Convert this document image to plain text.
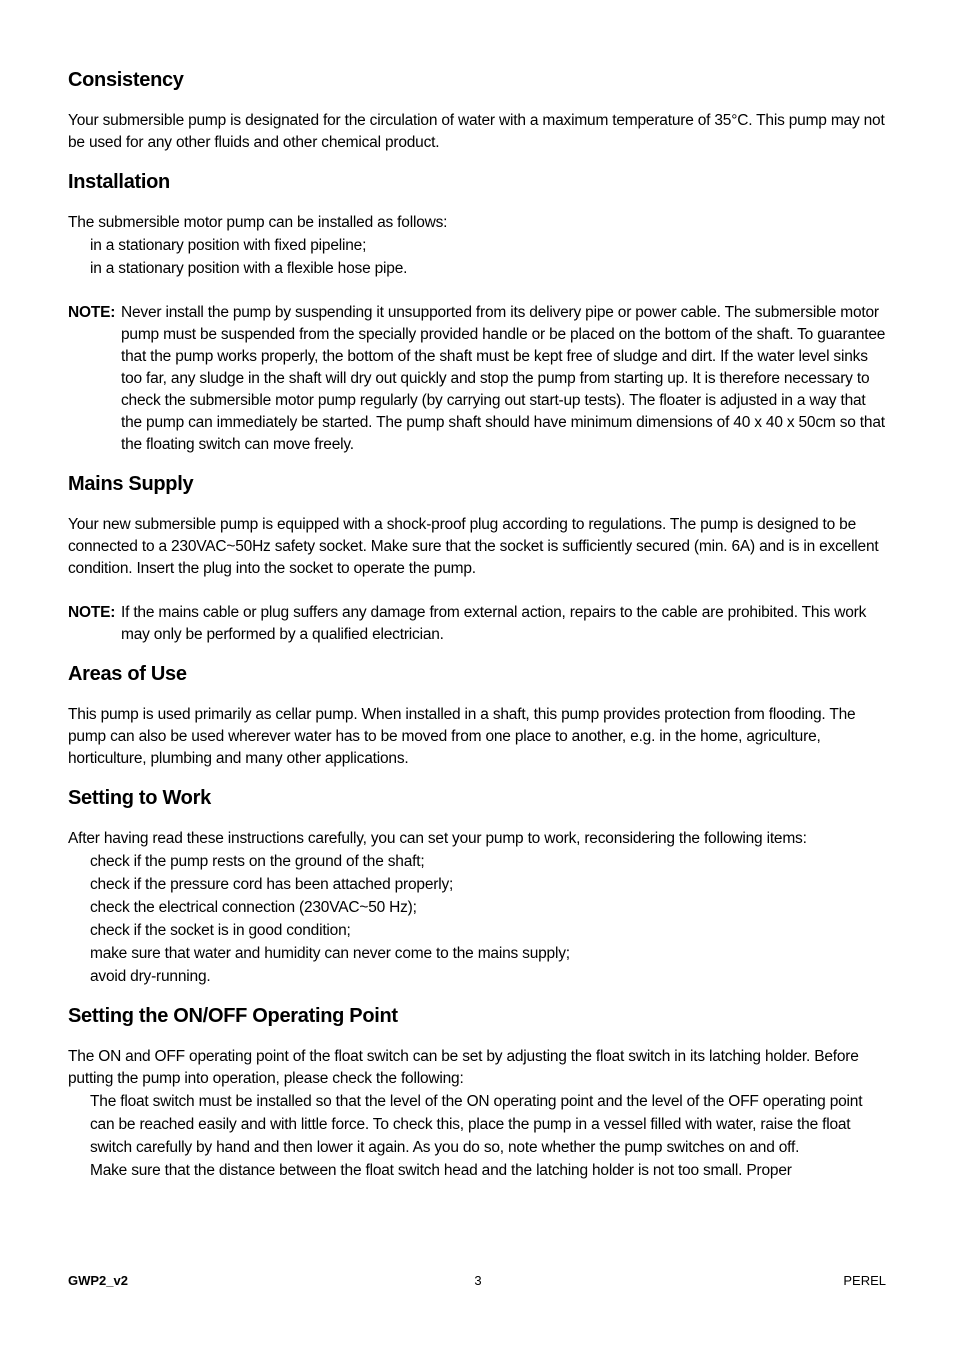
Consistency

Your submersible pump is designated for the circulation of water with a maximum temperature of 35°C. This pump may not be used for any other fluids and other chemical product.

Installation

The submersible motor pump can be installed as follows:

in a stationary position with fixed pipeline;
in a stationary position with a flexible hose pipe.
NOTE: Never install the pump by suspending it unsupported from its delivery pipe or power cable. The submersible motor pump must be suspended from the specially provided handle or be placed on the bottom of the shaft. To guarantee that the pump works properly, the bottom of the shaft must be kept free of sludge and dirt. If the water level sinks too far, any sludge in the shaft will dry out quickly and stop the pump from starting up. It is therefore necessary to check the submersible motor pump regularly (by carrying out start-up tests). The floater is adjusted in a way that the pump can immediately be started. The pump shaft should have minimum dimensions of 40 x 40 x 50cm so that the floating switch can move freely.
Mains Supply

Your new submersible pump is equipped with a shock-proof plug according to regulations. The pump is designed to be connected to a 230VAC~50Hz safety socket. Make sure that the socket is sufficiently secured (min. 6A) and is in excellent condition. Insert the plug into the socket to operate the pump.

NOTE: If the mains cable or plug suffers any damage from external action, repairs to the cable are prohibited. This work may only be performed by a qualified electrician.
Areas of Use

This pump is used primarily as cellar pump. When installed in a shaft, this pump provides protection from flooding. The pump can also be used wherever water has to be moved from one place to another, e.g. in the home, agriculture, horticulture, plumbing and many other applications.

Setting to Work

After having read these instructions carefully, you can set your pump to work, reconsidering the following items:

check if the pump rests on the ground of the shaft;
check if the pressure cord has been attached properly;
check the electrical connection (230VAC~50 Hz);
check if the socket is in good condition;
make sure that water and humidity can never come to the mains supply;
avoid dry-running.
Setting the ON/OFF Operating Point

The ON and OFF operating point of the float switch can be set by adjusting the float switch in its latching holder. Before putting the pump into operation, please check the following:

The float switch must be installed so that the level of the ON operating point and the level of the OFF operating point can be reached easily and with little force. To check this, place the pump in a vessel filled with water, raise the float switch carefully by hand and then lower it again. As you do so, note whether the pump switches on and off.
Make sure that the distance between the float switch head and the latching holder is not too small. Proper
GWP2_v2	3	PEREL
